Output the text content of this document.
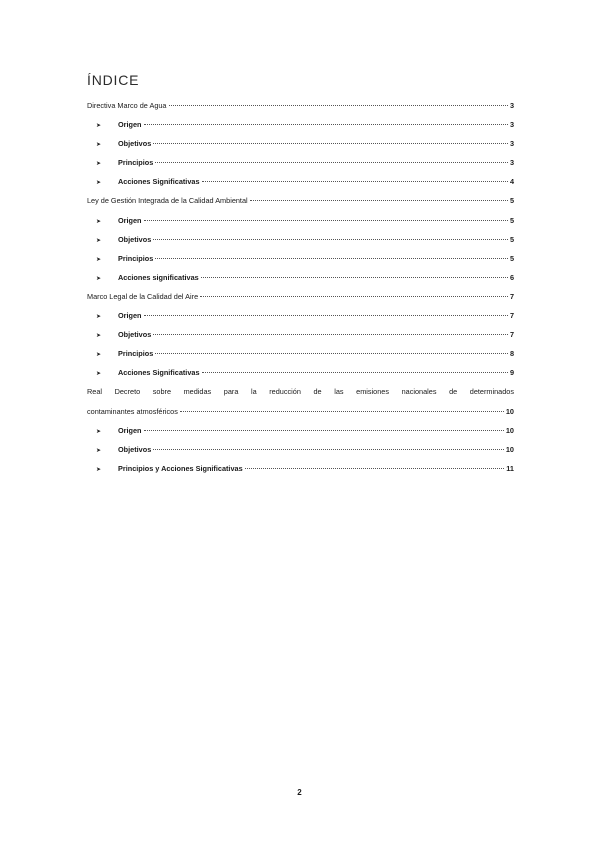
ÍNDICE
Directiva Marco de Agua	3
➤	Origen	3
➤	Objetivos	3
➤	Principios	3
➤	Acciones Significativas	4
Ley de Gestión Integrada de la Calidad Ambiental	5
➤	Origen	5
➤	Objetivos	5
➤	Principios	5
➤	Acciones significativas	6
Marco Legal de la Calidad del Aire	7
➤	Origen	7
➤	Objetivos	7
➤	Principios	8
➤	Acciones Significativas	9
Real Decreto sobre medidas para la reducción de las emisiones nacionales de determinados
contaminantes atmosféricos	10
➤	Origen	10
➤	Objetivos	10
➤	Principios y Acciones Significativas	11
2
